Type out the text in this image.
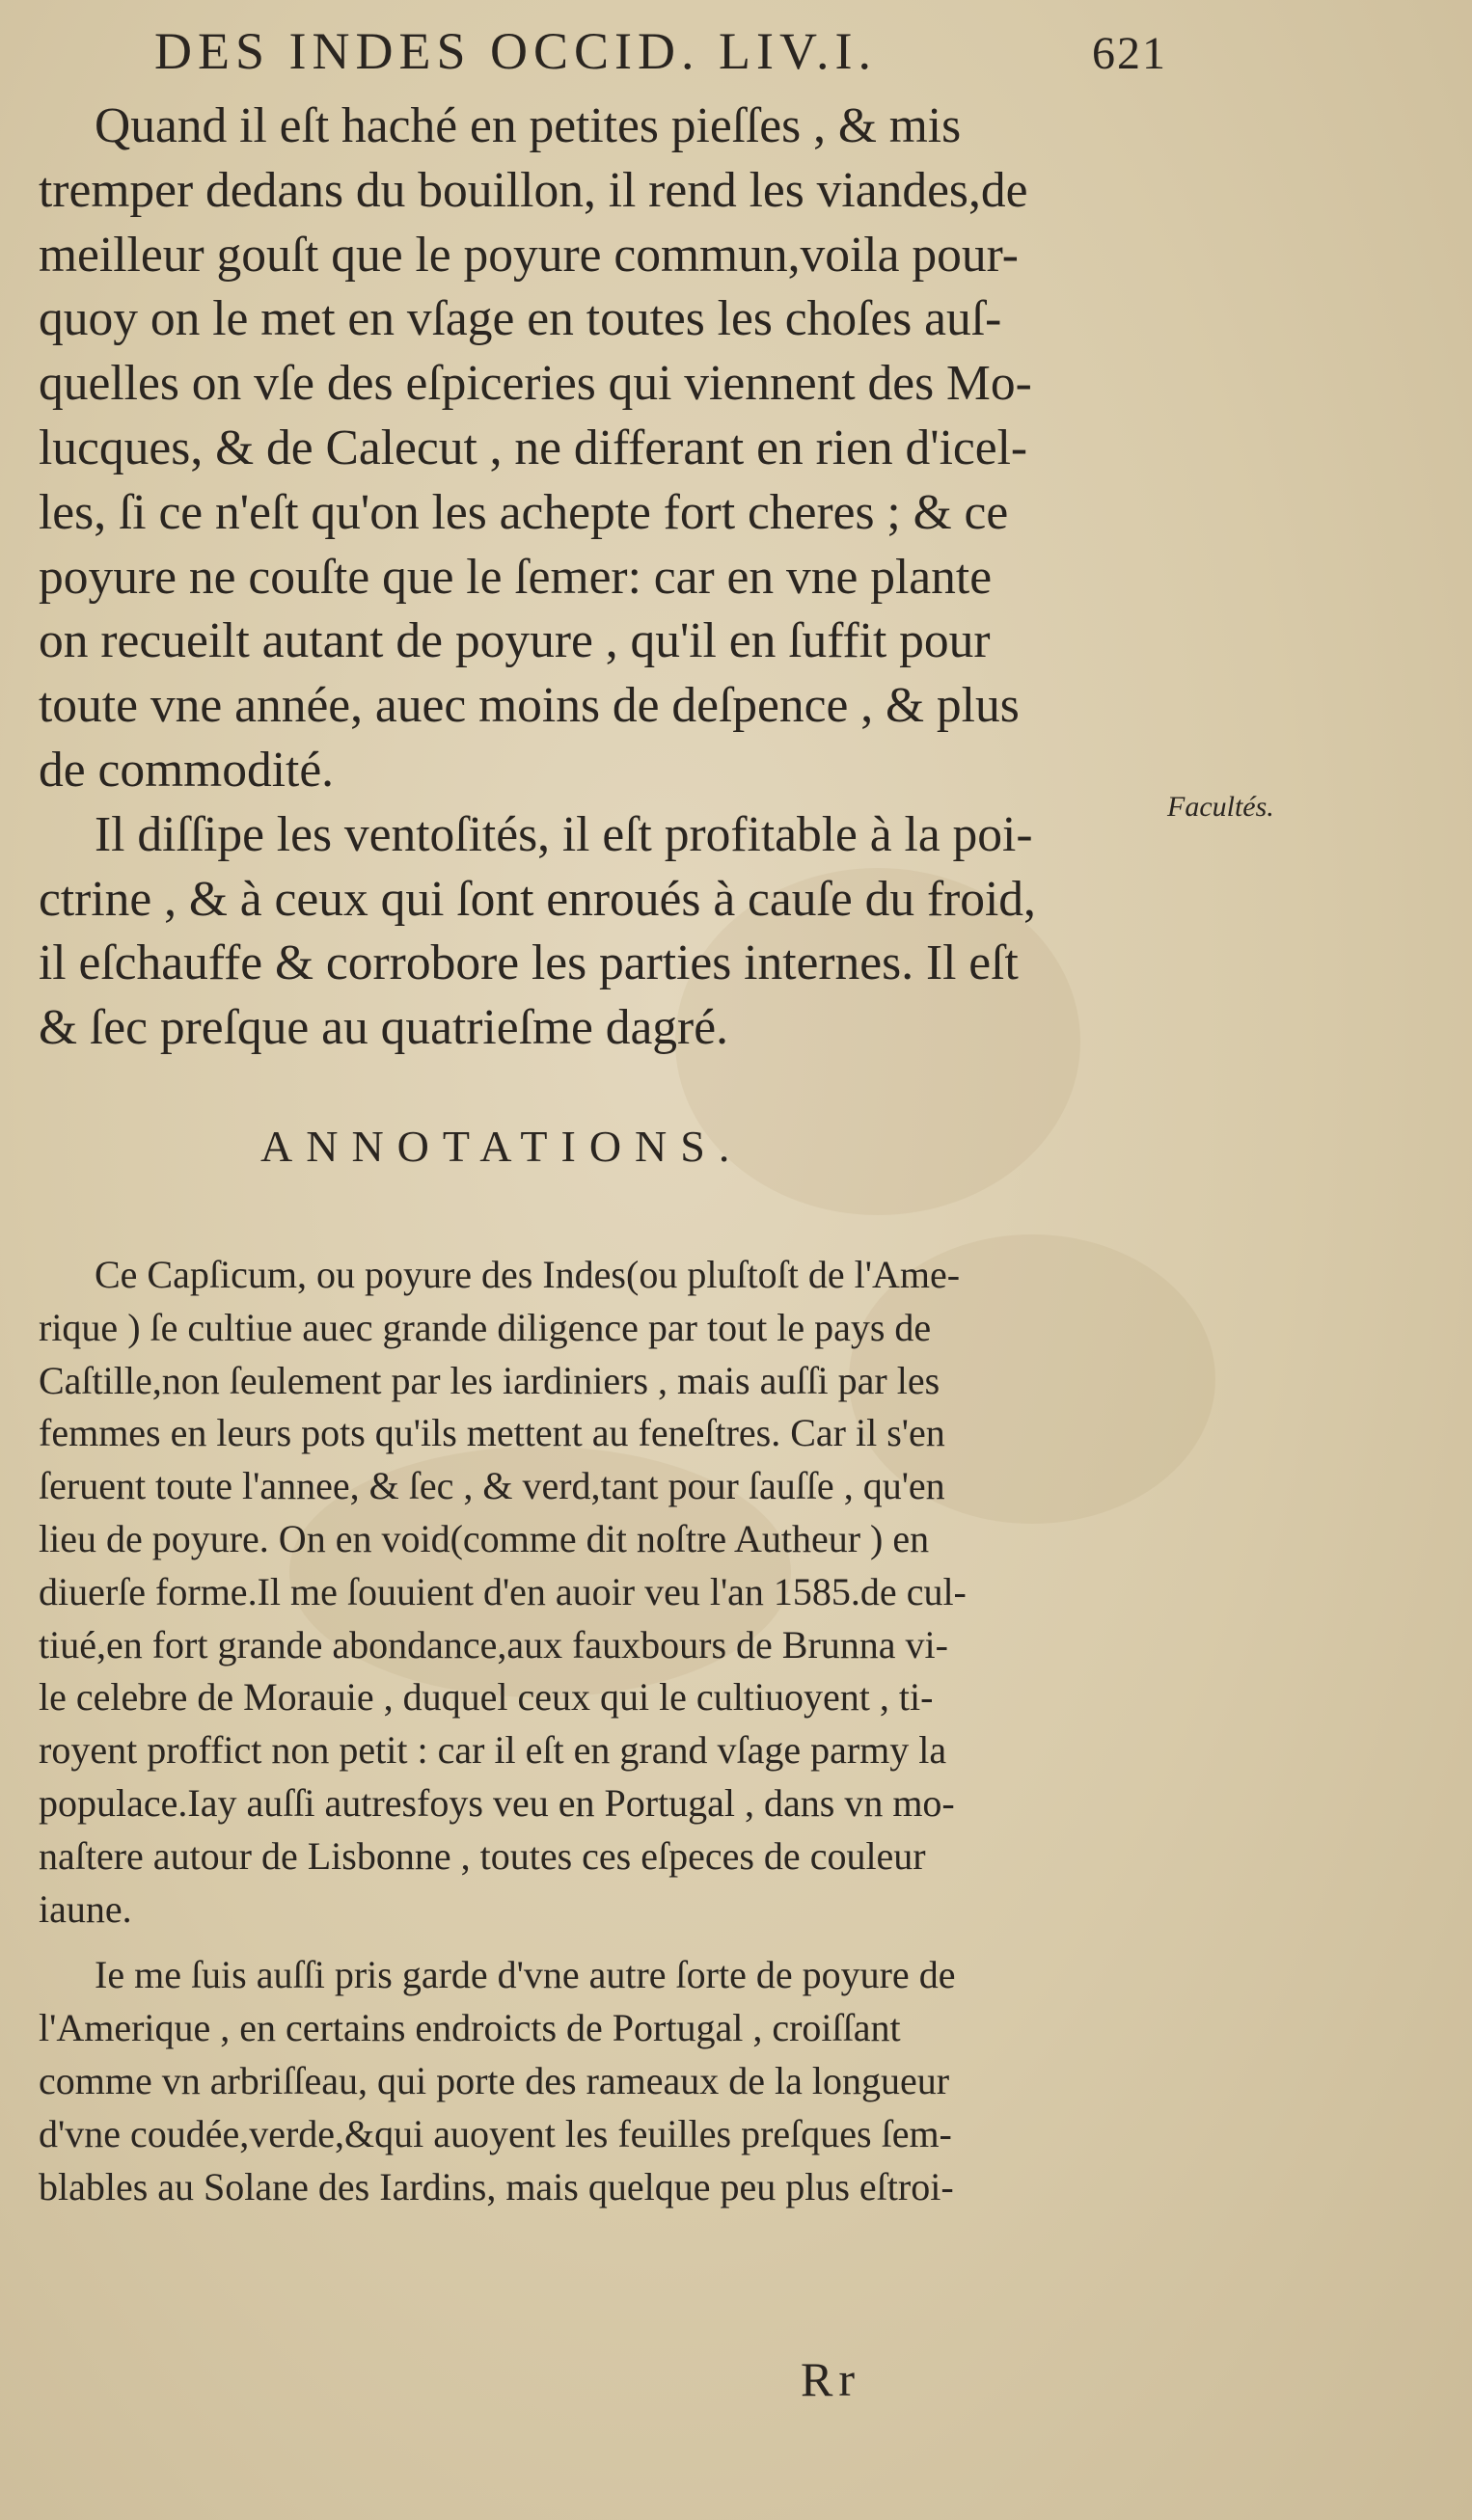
DES INDES OCCID. LIV.I.	621
Quand il eſt haché en petites pieſſes , & mis
tremper dedans du bouillon, il rend les viandes,de
meilleur gouſt que le poyure commun,voila pour-
quoy on le met en vſage en toutes les choſes auſ-
quelles on vſe des eſpiceries qui viennent des Mo-
lucques, & de Calecut , ne differant en rien d'icel-
les, ſi ce n'eſt qu'on les achepte fort cheres ; & ce
poyure ne couſte que le ſemer: car en vne plante
on recueilt autant de poyure , qu'il en ſuffit pour
toute vne année, auec moins de deſpence , & plus
de commodité.
Il diſſipe les ventoſités, il eſt profitable à la poi-
ctrine , & à ceux qui ſont enroués à cauſe du froid,
il eſchauffe & corrobore les parties internes. Il eſt
& ſec preſque au quatrieſme dagré.
Facultés.
ANNOTATIONS.
Ce Capſicum, ou poyure des Indes(ou pluſtoſt de l'Ame-
rique ) ſe cultiue auec grande diligence par tout le pays de
Caſtille,non ſeulement par les iardiniers , mais auſſi par les
femmes en leurs pots qu'ils mettent au feneſtres. Car il s'en
ſeruent toute l'annee, & ſec , & verd,tant pour ſauſſe , qu'en
lieu de poyure. On en void(comme dit noſtre Autheur ) en
diuerſe forme.Il me ſouuient d'en auoir veu l'an 1585.de cul-
tiué,en fort grande abondance,aux fauxbours de Brunna vi-
le celebre de Morauie , duquel ceux qui le cultiuoyent , ti-
royent proffict non petit : car il eſt en grand vſage parmy la
populace.Iay auſſi autresfoys veu en Portugal , dans vn mo-
naſtere autour de Lisbonne , toutes ces eſpeces de couleur
iaune.
Ie me ſuis auſſi pris garde d'vne autre ſorte de poyure de
l'Amerique , en certains endroicts de Portugal , croiſſant
comme vn arbriſſeau, qui porte des rameaux de la longueur
d'vne coudée,verde,&qui auoyent les feuilles preſques ſem-
blables au Solane des Iardins, mais quelque peu plus eſtroi-
Rr
